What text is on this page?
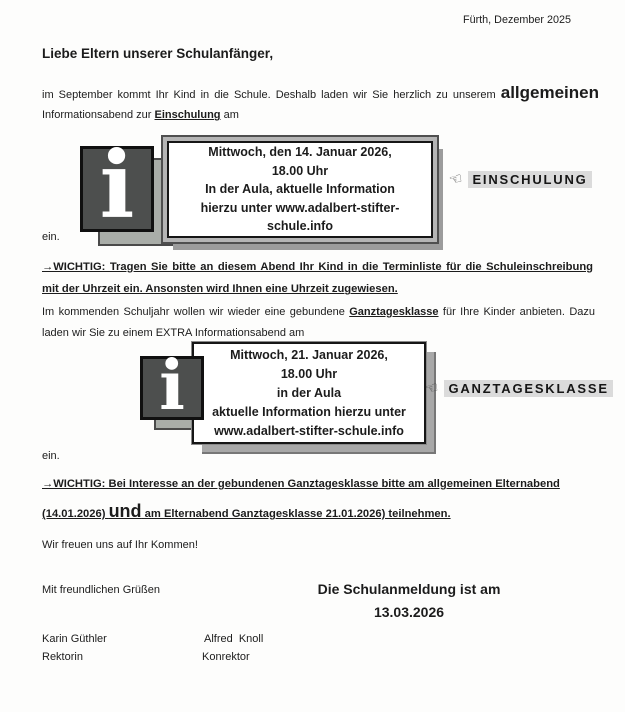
Fürth, Dezember 2025
Liebe Eltern unserer Schulanfänger,
im September kommt Ihr Kind in die Schule. Deshalb laden wir Sie herzlich zu unserem allgemeinen Informationsabend zur Einschulung am
i	Mittwoch, den 14. Januar 2026,
18.00 Uhr
In der Aula, aktuelle Information
hierzu unter www.adalbert-stifter-
schule.info
☜ EINSCHULUNG
ein.
→WICHTIG: Tragen Sie bitte an diesem Abend Ihr Kind in die Terminliste für die Schuleinschreibung mit der Uhrzeit ein. Ansonsten wird Ihnen eine Uhrzeit zugewiesen.
Im kommenden Schuljahr wollen wir wieder eine gebundene Ganztagesklasse für Ihre Kinder anbieten. Dazu laden wir Sie zu einem EXTRA Informationsabend am
Mittwoch, 21. Januar 2026,
18.00 Uhr
in der Aula
aktuelle Information hierzu unter
www.adalbert-stifter-schule.info
i	☜ GANZTAGESKLASSE
ein.
→WICHTIG: Bei Interesse an der gebundenen Ganztagesklasse bitte am allgemeinen Elternabend
(14.01.2026) und am Elternabend Ganztagesklasse 21.01.2026) teilnehmen.
Wir freuen uns auf Ihr Kommen!
Mit freundlichen Grüßen	Die Schulanmeldung ist am
13.03.2026
Karin Güthler	Alfred  Knoll
Rektorin	Konrektor
